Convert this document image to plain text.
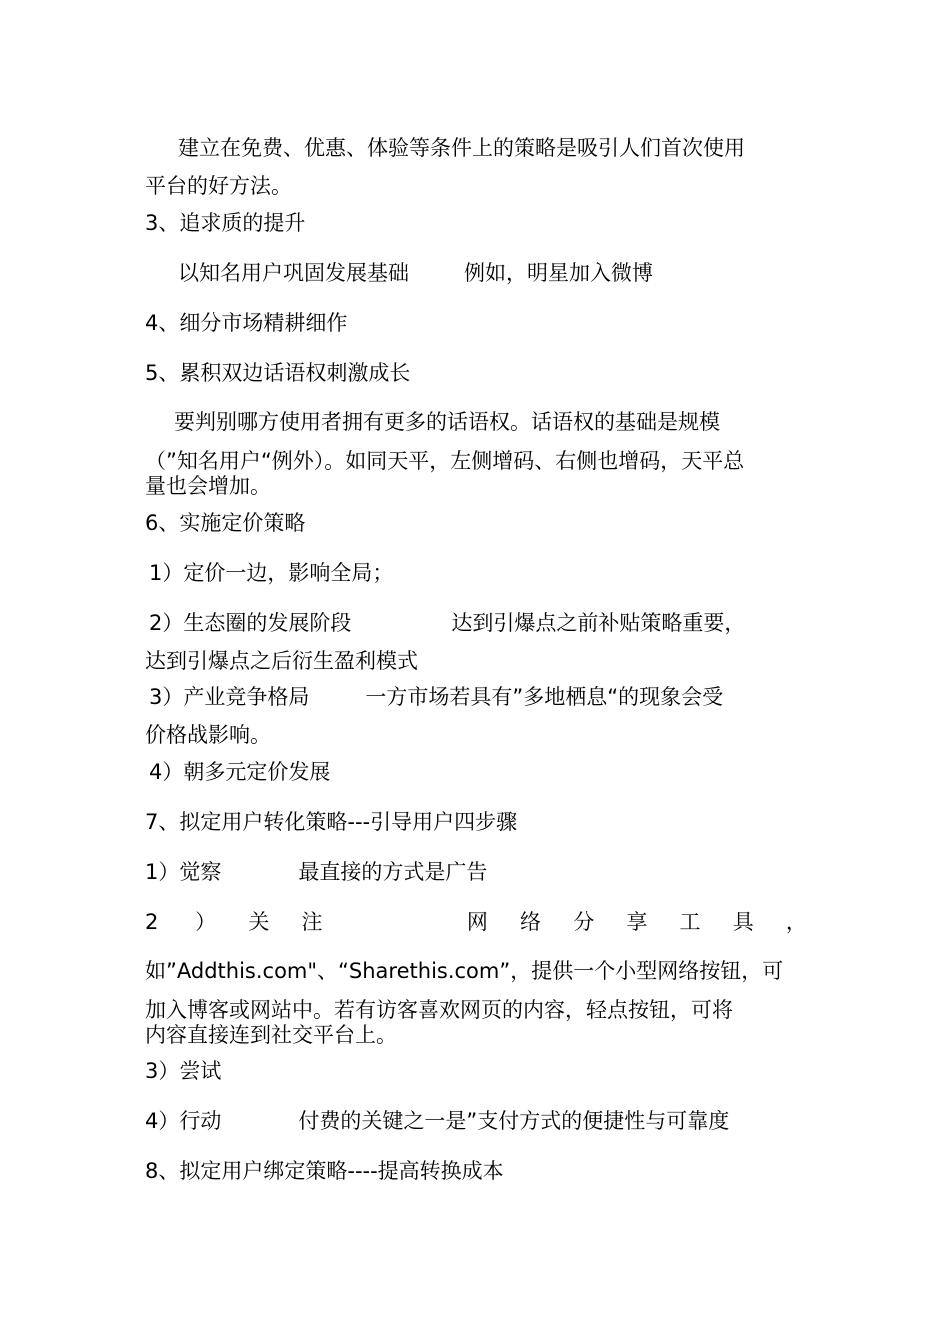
建立在免费、优惠、体验等条件上的策略是吸引人们首次使用
平台的好方法。
3、追求质的提升
以知名用户巩固发展基础	例如，明星加入微博
4、细分市场精耕细作
5、累积双边话语权刺激成长
要判别哪方使用者拥有更多的话语权。话语权的基础是规模
（”知名用户“例外）。如同天平，左侧增码、右侧也增码，天平总
量也会增加。
6、实施定价策略
1）定价一边，影响全局；
2）生态圈的发展阶段	达到引爆点之前补贴策略重要，
达到引爆点之后衍生盈利模式
3）产业竞争格局	一方市场若具有”多地栖息“的现象会受
价格战影响。
4）朝多元定价发展
7、拟定用户转化策略---引导用户四步骤
1）觉察	最直接的方式是广告
2 ） 关 注	网 络 分 享 工 具 ，
如”Addthis.com"、“Sharethis.com”，提供一个小型网络按钮，可
加入博客或网站中。若有访客喜欢网页的内容，轻点按钮，可将
内容直接连到社交平台上。
3）尝试
4）行动	付费的关键之一是”支付方式的便捷性与可靠度
8、拟定用户绑定策略----提高转换成本
